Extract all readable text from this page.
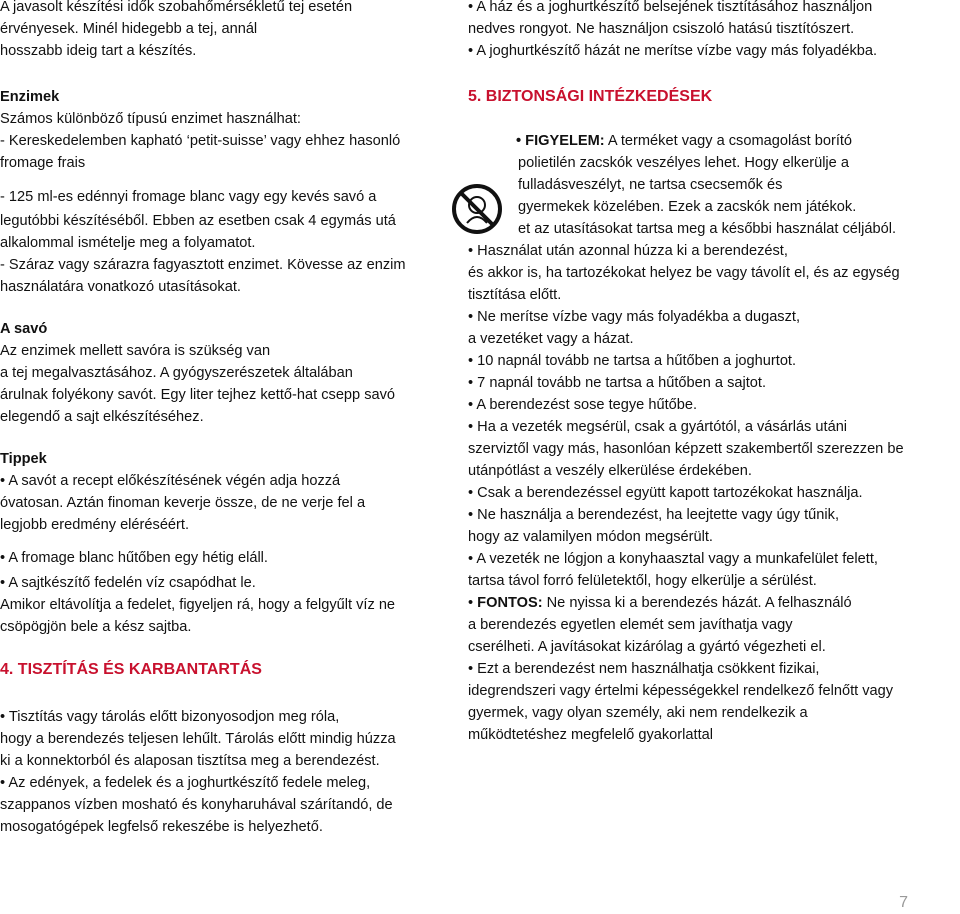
A javasolt készítési idők szobahőmérsékletű tej esetén
érvényesek. Minél hidegebb a tej, annál
hosszabb ideig tart a készítés.
Enzimek
Számos különböző típusú enzimet használhat:
- Kereskedelemben kapható ‘petit-suisse’ vagy ehhez hasonló
fromage frais
- 125 ml-es edénnyi fromage blanc vagy egy kevés savó a
legutóbbi készítéséből. Ebben az esetben csak 4 egymás utá
alkalommal ismételje meg a folyamatot.
- Száraz vagy szárazra fagyasztott enzimet. Kövesse az enzim
használatára vonatkozó utasításokat.
A savó
Az enzimek mellett savóra is szükség van
a tej megalvasztásához. A gyógyszerészetek általában
árulnak folyékony savót. Egy liter tejhez kettő-hat csepp savó
elegendő a sajt elkészítéséhez.
Tippek
• A savót a recept előkészítésének végén adja hozzá
óvatosan. Aztán finoman keverje össze, de ne verje fel a
legjobb eredmény eléréséért.
• A fromage blanc hűtőben egy hétig eláll.
• A sajtkészítő fedelén víz csapódhat le.
Amikor eltávolítja a fedelet, figyeljen rá, hogy a felgyűlt víz ne
csöpögjön bele a kész sajtba.
4. TISZTÍTÁS ÉS KARBANTARTÁS
• Tisztítás vagy tárolás előtt bizonyosodjon meg róla,
hogy a berendezés teljesen lehűlt. Tárolás előtt mindig húzza
ki a konnektorból és alaposan tisztítsa meg a berendezést.
• Az edények, a fedelek és a joghurtkészítő fedele meleg,
szappanos vízben mosható és konyharuhával szárítandó, de
mosogatógépek legfelső rekeszébe is helyezhető.
• A ház és a joghurtkészítő belsejének tisztításához használjon
nedves rongyot. Ne használjon csiszoló hatású tisztítószert.
• A joghurtkészítő házát ne merítse vízbe vagy más folyadékba.
5. BIZTONSÁGI INTÉZKEDÉSEK
• FIGYELEM: A terméket vagy a csomagolást borító
polietilén zacskók veszélyes lehet. Hogy elkerülje a
fulladásveszélyt, ne tartsa csecsemők és
gyermekek közelében. Ezek a zacskók nem játékok.
et az utasításokat tartsa meg a későbbi használat céljából.
• Használat után azonnal húzza ki a berendezést,
és akkor is, ha tartozékokat helyez be vagy távolít el, és az egység
tisztítása előtt.
• Ne merítse vízbe vagy más folyadékba a dugaszt,
a vezetéket vagy a házat.
• 10 napnál tovább ne tartsa a hűtőben a joghurtot.
• 7 napnál tovább ne tartsa a hűtőben a sajtot.
• A berendezést sose tegye hűtőbe.
• Ha a vezeték megsérül, csak a gyártótól, a vásárlás utáni
szerviztől vagy más, hasonlóan képzett szakembertől szerezzen be
utánpótlást a veszély elkerülése érdekében.
• Csak a berendezéssel együtt kapott tartozékokat használja.
• Ne használja a berendezést, ha leejtette vagy úgy tűnik,
hogy az valamilyen módon megsérült.
• A vezeték ne lógjon a konyhaasztal vagy a munkafelület felett,
tartsa távol forró felületektől, hogy elkerülje a sérülést.
• FONTOS: Ne nyissa ki a berendezés házát. A felhasználó
a berendezés egyetlen elemét sem javíthatja vagy
cserélheti. A javításokat kizárólag a gyártó végezheti el.
• Ezt a berendezést nem használhatja csökkent fizikai,
idegrendszeri vagy értelmi képességekkel rendelkező felnőtt vagy
gyermek, vagy olyan személy, aki nem rendelkezik a
működtetéshez megfelelő gyakorlattal
7
